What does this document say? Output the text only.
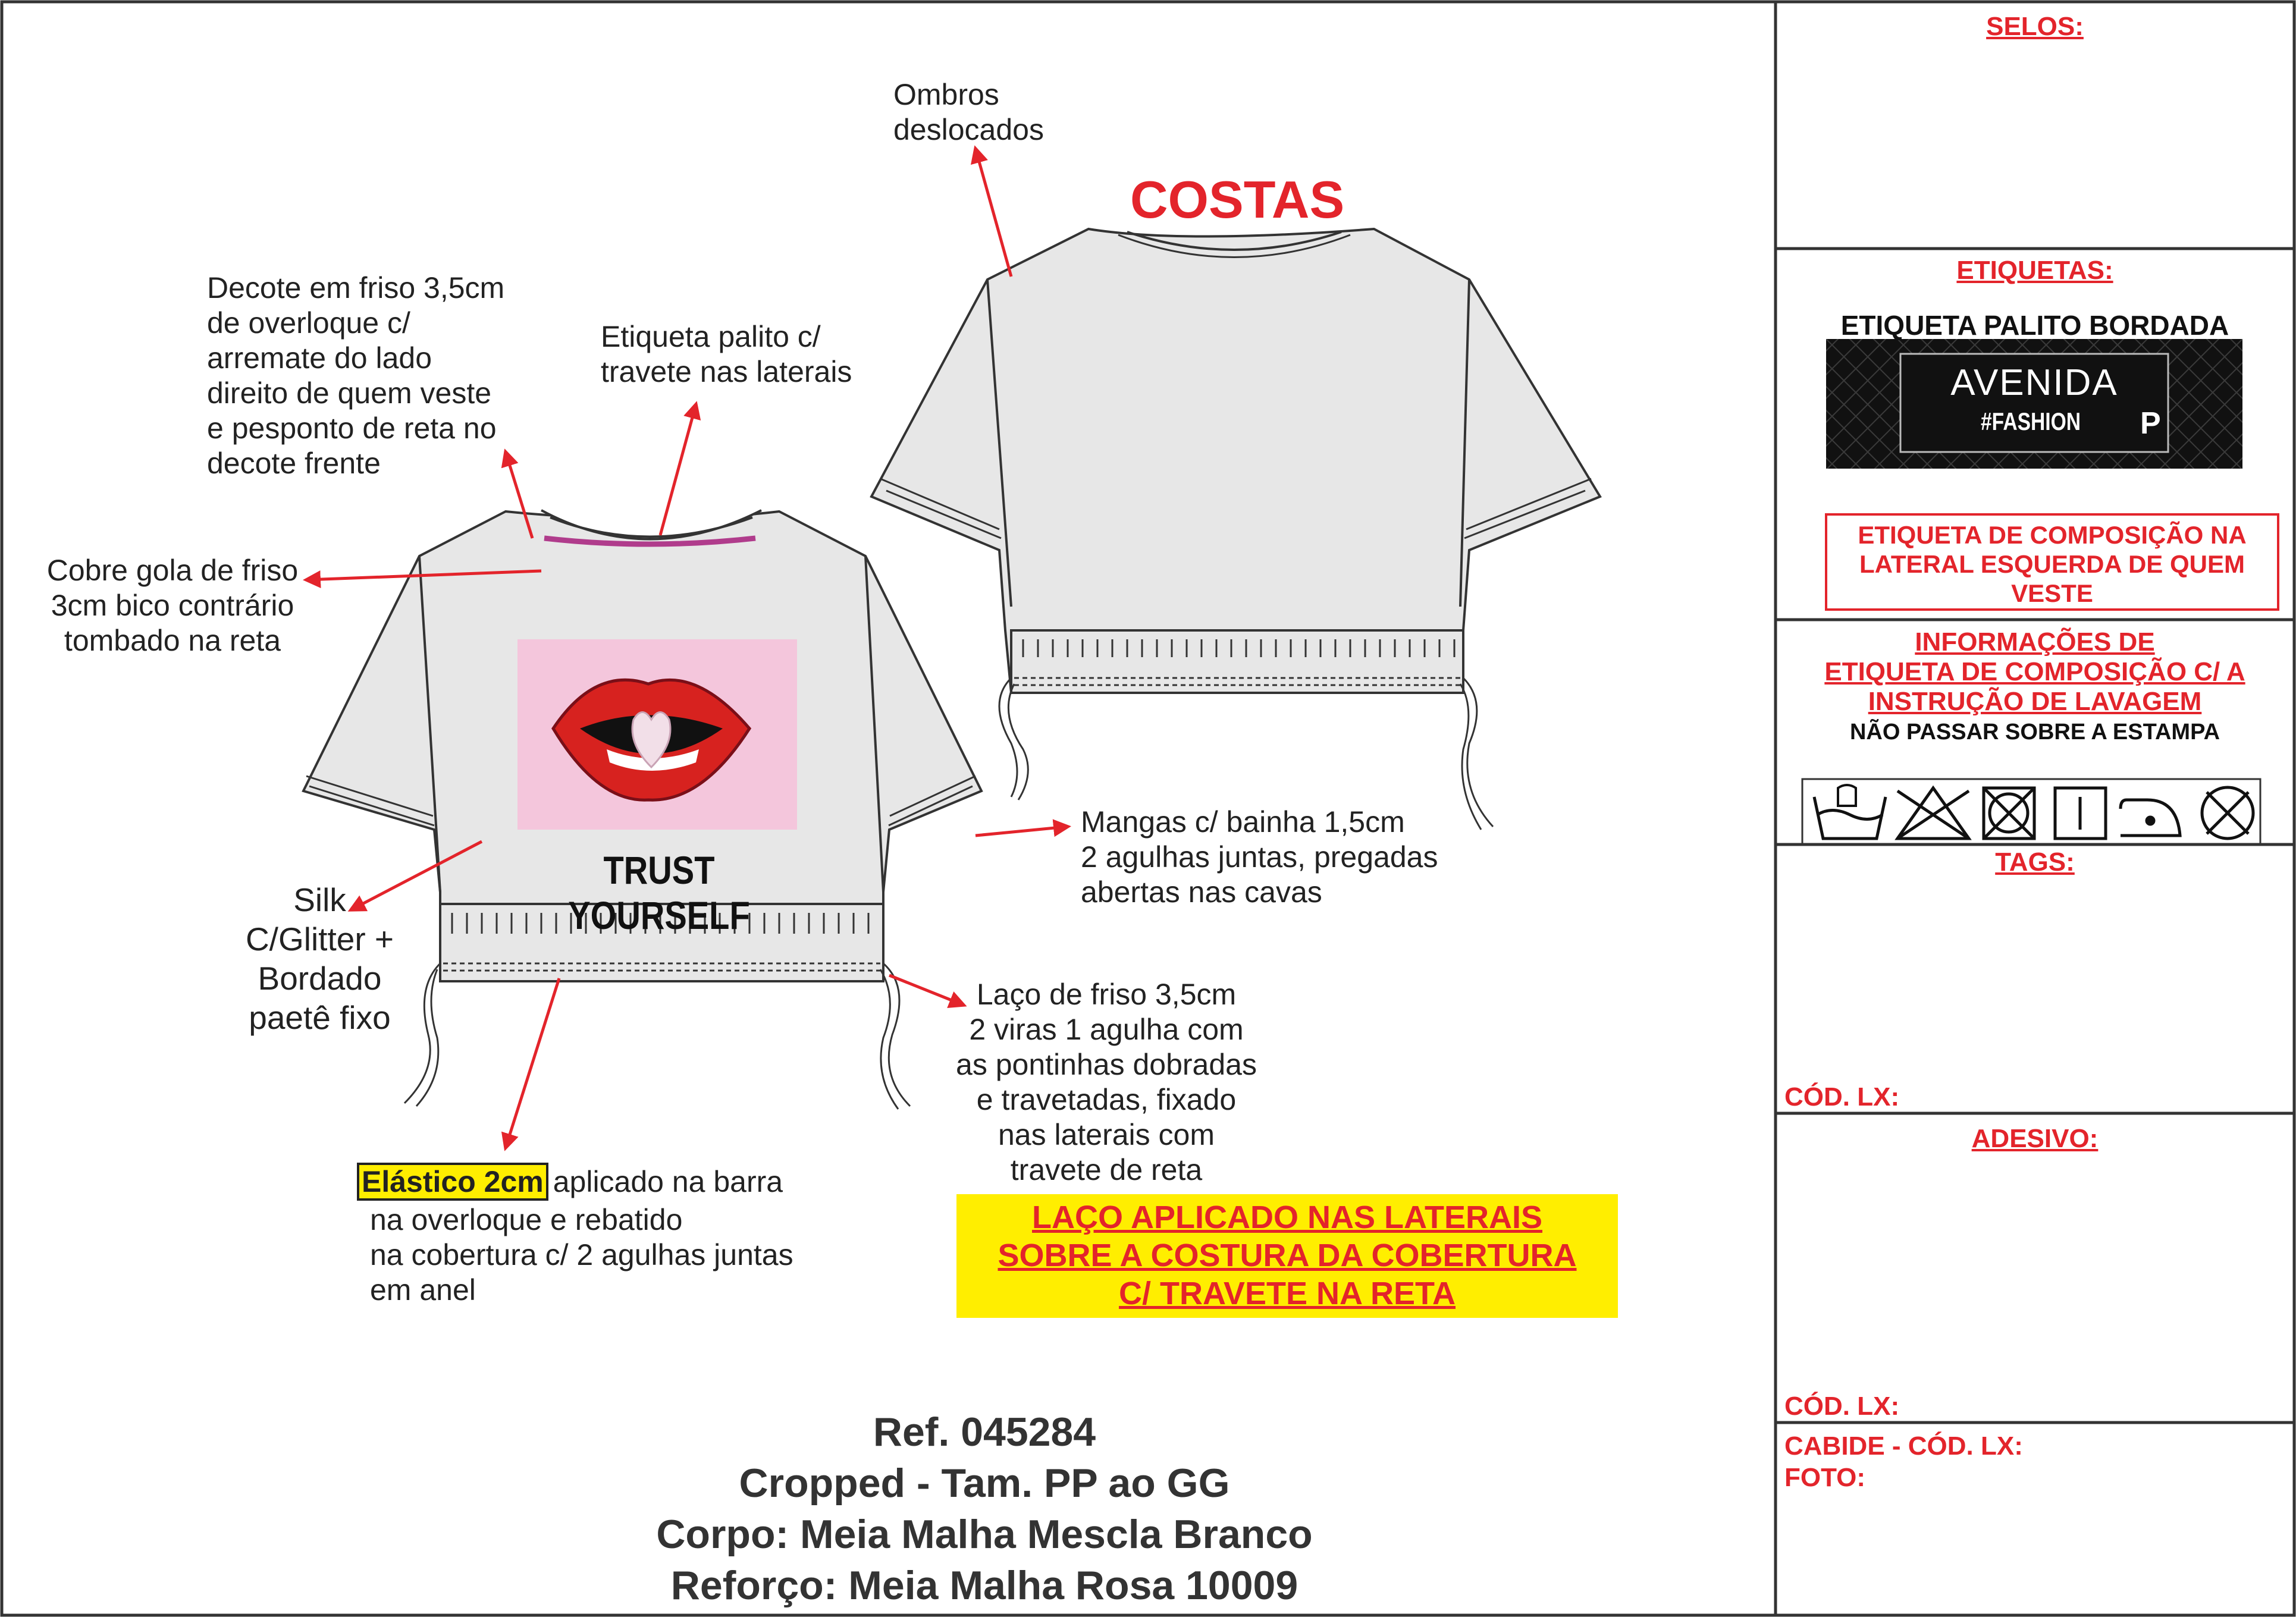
COSTAS
Ombros
deslocados
Decote em friso 3,5cm
de overloque c/
arremate do lado
direito de quem veste
e pesponto de reta no
decote frente
Etiqueta palito c/
travete nas laterais
Cobre gola de friso
3cm bico contrário
tombado na reta
Mangas c/ bainha 1,5cm
2 agulhas juntas, pregadas
abertas nas cavas
Silk
C/Glitter +
Bordado
paetê fixo
Laço de friso 3,5cm
2 viras 1 agulha com
as pontinhas dobradas
e travetadas, fixado
nas laterais com
travete de reta
Elástico 2cm aplicado na barra
na overloque e rebatido
na cobertura c/ 2 agulhas juntas
em anel
LAÇO APLICADO NAS LATERAIS
SOBRE A COSTURA DA COBERTURA
C/ TRAVETE NA RETA
TRUST YOURSELF
Ref. 045284
Cropped - Tam. PP ao GG
Corpo: Meia Malha Mescla Branco
Reforço: Meia Malha Rosa 10009
SELOS:
ETIQUETAS:
ETIQUETA PALITO BORDADA
AVENIDA
#FASHION P
ETIQUETA DE COMPOSIÇÃO NA
LATERAL ESQUERDA DE QUEM
VESTE
INFORMAÇÕES DE
ETIQUETA DE COMPOSIÇÃO C/ A
INSTRUÇÃO DE LAVAGEM
NÃO PASSAR SOBRE A ESTAMPA
TAGS:
CÓD. LX:
ADESIVO:
CÓD. LX:
CABIDE - CÓD. LX:
FOTO:
